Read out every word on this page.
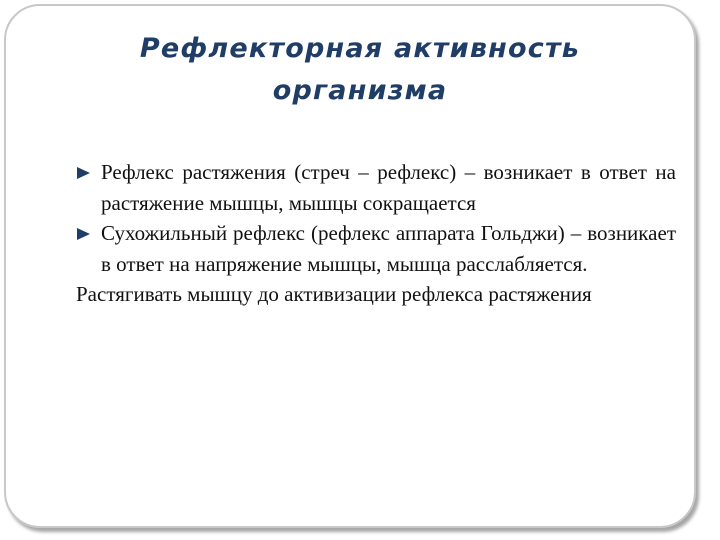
Рефлекторная активность
организма
Рефлекс растяжения (стреч – рефлекс) – возникает в ответ на растяжение мышцы, мышцы сокращается
Сухожильный рефлекс (рефлекс аппарата Гольджи) – возникает в ответ на напряжение мышцы, мышца расслабляется.
Растягивать мышцу до активизации рефлекса растяжения
